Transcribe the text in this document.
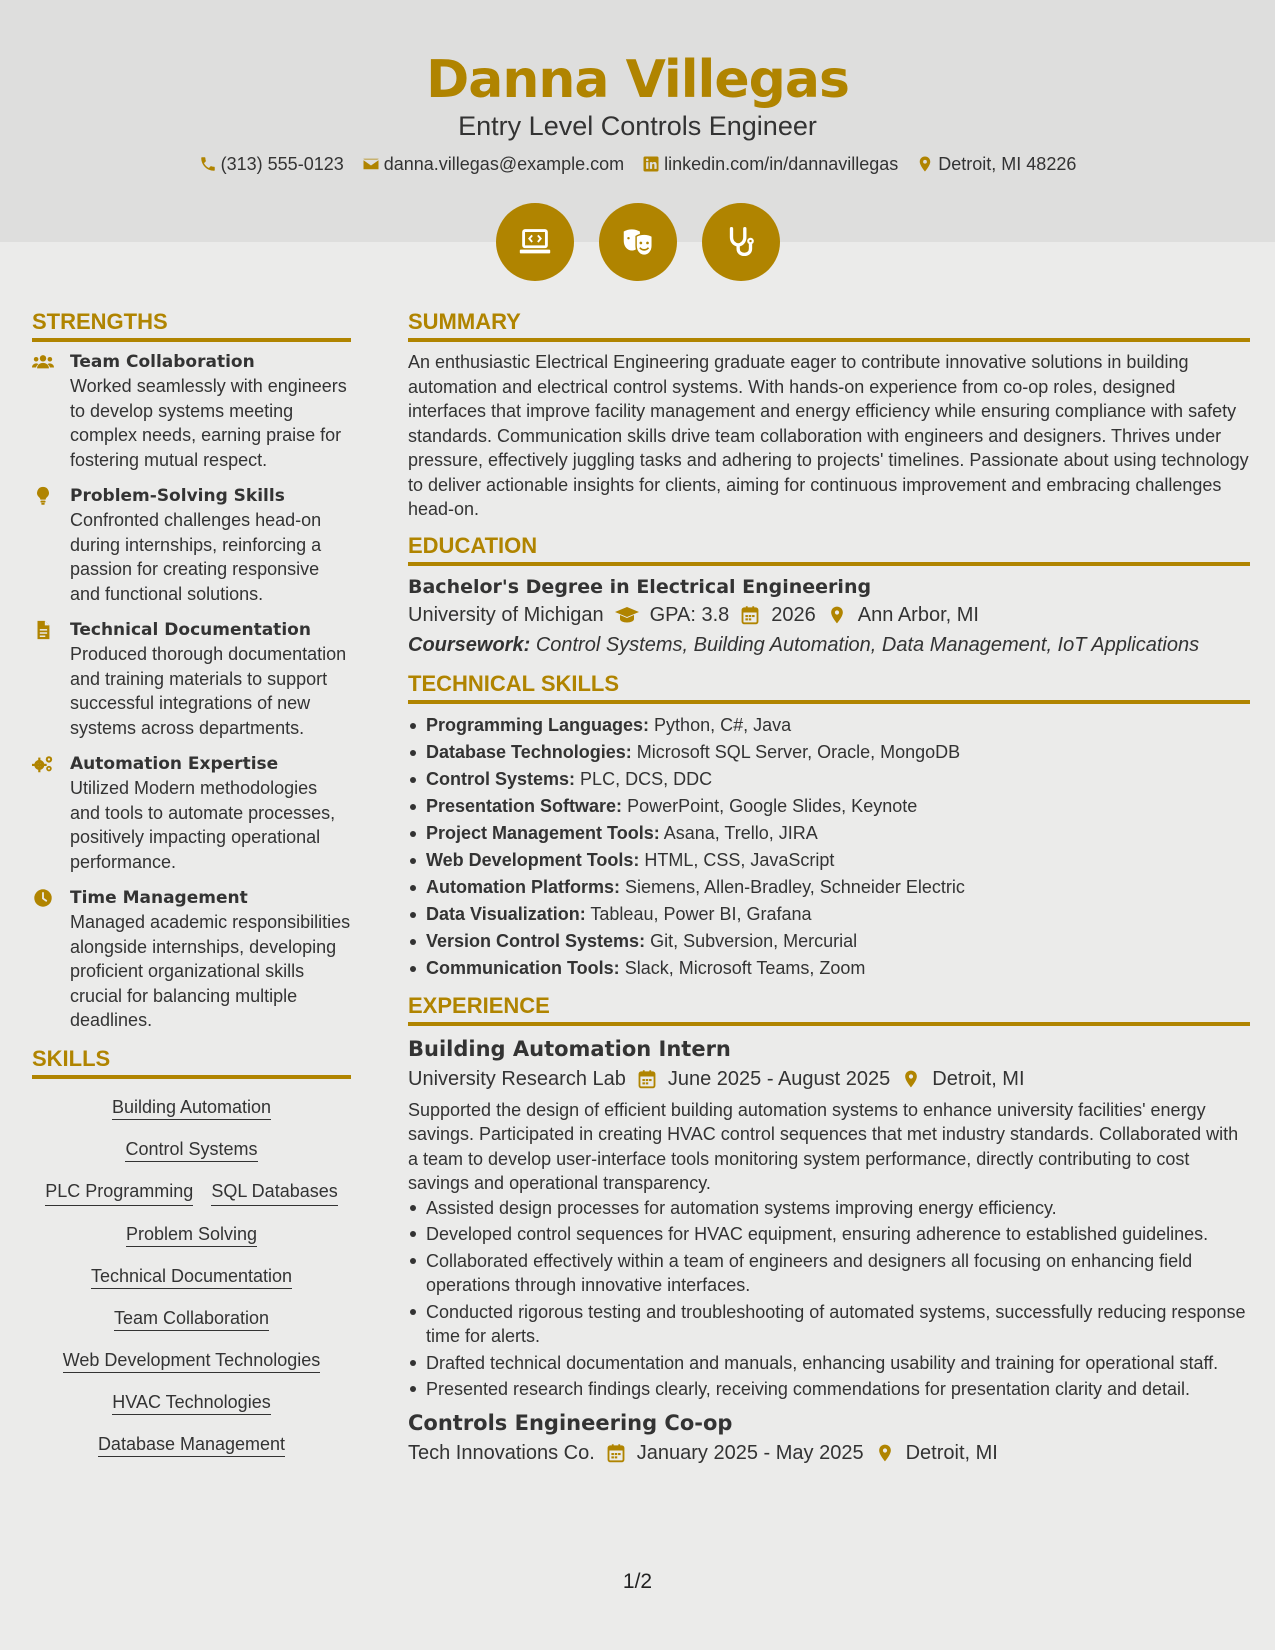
Danna Villegas
Entry Level Controls Engineer
(313) 555-0123 danna.villegas@example.com linkedin.com/in/dannavillegas Detroit, MI 48226
STRENGTHS
Team Collaboration
Worked seamlessly with engineers to develop systems meeting complex needs, earning praise for fostering mutual respect.
Problem-Solving Skills
Confronted challenges head-on during internships, reinforcing a passion for creating responsive and functional solutions.
Technical Documentation
Produced thorough documentation and training materials to support successful integrations of new systems across departments.
Automation Expertise
Utilized Modern methodologies and tools to automate processes, positively impacting operational performance.
Time Management
Managed academic responsibilities alongside internships, developing proficient organizational skills crucial for balancing multiple deadlines.
SKILLS
Building Automation
Control Systems
PLC Programming SQL Databases
Problem Solving
Technical Documentation
Team Collaboration
Web Development Technologies
HVAC Technologies
Database Management
SUMMARY
An enthusiastic Electrical Engineering graduate eager to contribute innovative solutions in building automation and electrical control systems. With hands-on experience from co-op roles, designed interfaces that improve facility management and energy efficiency while ensuring compliance with safety standards. Communication skills drive team collaboration with engineers and designers. Thrives under pressure, effectively juggling tasks and adhering to projects' timelines. Passionate about using technology to deliver actionable insights for clients, aiming for continuous improvement and embracing challenges head-on.
EDUCATION
Bachelor's Degree in Electrical Engineering
University of Michigan GPA: 3.8 2026 Ann Arbor, MI
Coursework: Control Systems, Building Automation, Data Management, IoT Applications
TECHNICAL SKILLS
Programming Languages: Python, C#, Java
Database Technologies: Microsoft SQL Server, Oracle, MongoDB
Control Systems: PLC, DCS, DDC
Presentation Software: PowerPoint, Google Slides, Keynote
Project Management Tools: Asana, Trello, JIRA
Web Development Tools: HTML, CSS, JavaScript
Automation Platforms: Siemens, Allen-Bradley, Schneider Electric
Data Visualization: Tableau, Power BI, Grafana
Version Control Systems: Git, Subversion, Mercurial
Communication Tools: Slack, Microsoft Teams, Zoom
EXPERIENCE
Building Automation Intern
University Research Lab June 2025 - August 2025 Detroit, MI
Supported the design of efficient building automation systems to enhance university facilities' energy savings. Participated in creating HVAC control sequences that met industry standards. Collaborated with a team to develop user-interface tools monitoring system performance, directly contributing to cost savings and operational transparency.
Assisted design processes for automation systems improving energy efficiency.
Developed control sequences for HVAC equipment, ensuring adherence to established guidelines.
Collaborated effectively within a team of engineers and designers all focusing on enhancing field operations through innovative interfaces.
Conducted rigorous testing and troubleshooting of automated systems, successfully reducing response time for alerts.
Drafted technical documentation and manuals, enhancing usability and training for operational staff.
Presented research findings clearly, receiving commendations for presentation clarity and detail.
Controls Engineering Co-op
Tech Innovations Co. January 2025 - May 2025 Detroit, MI
1/2
